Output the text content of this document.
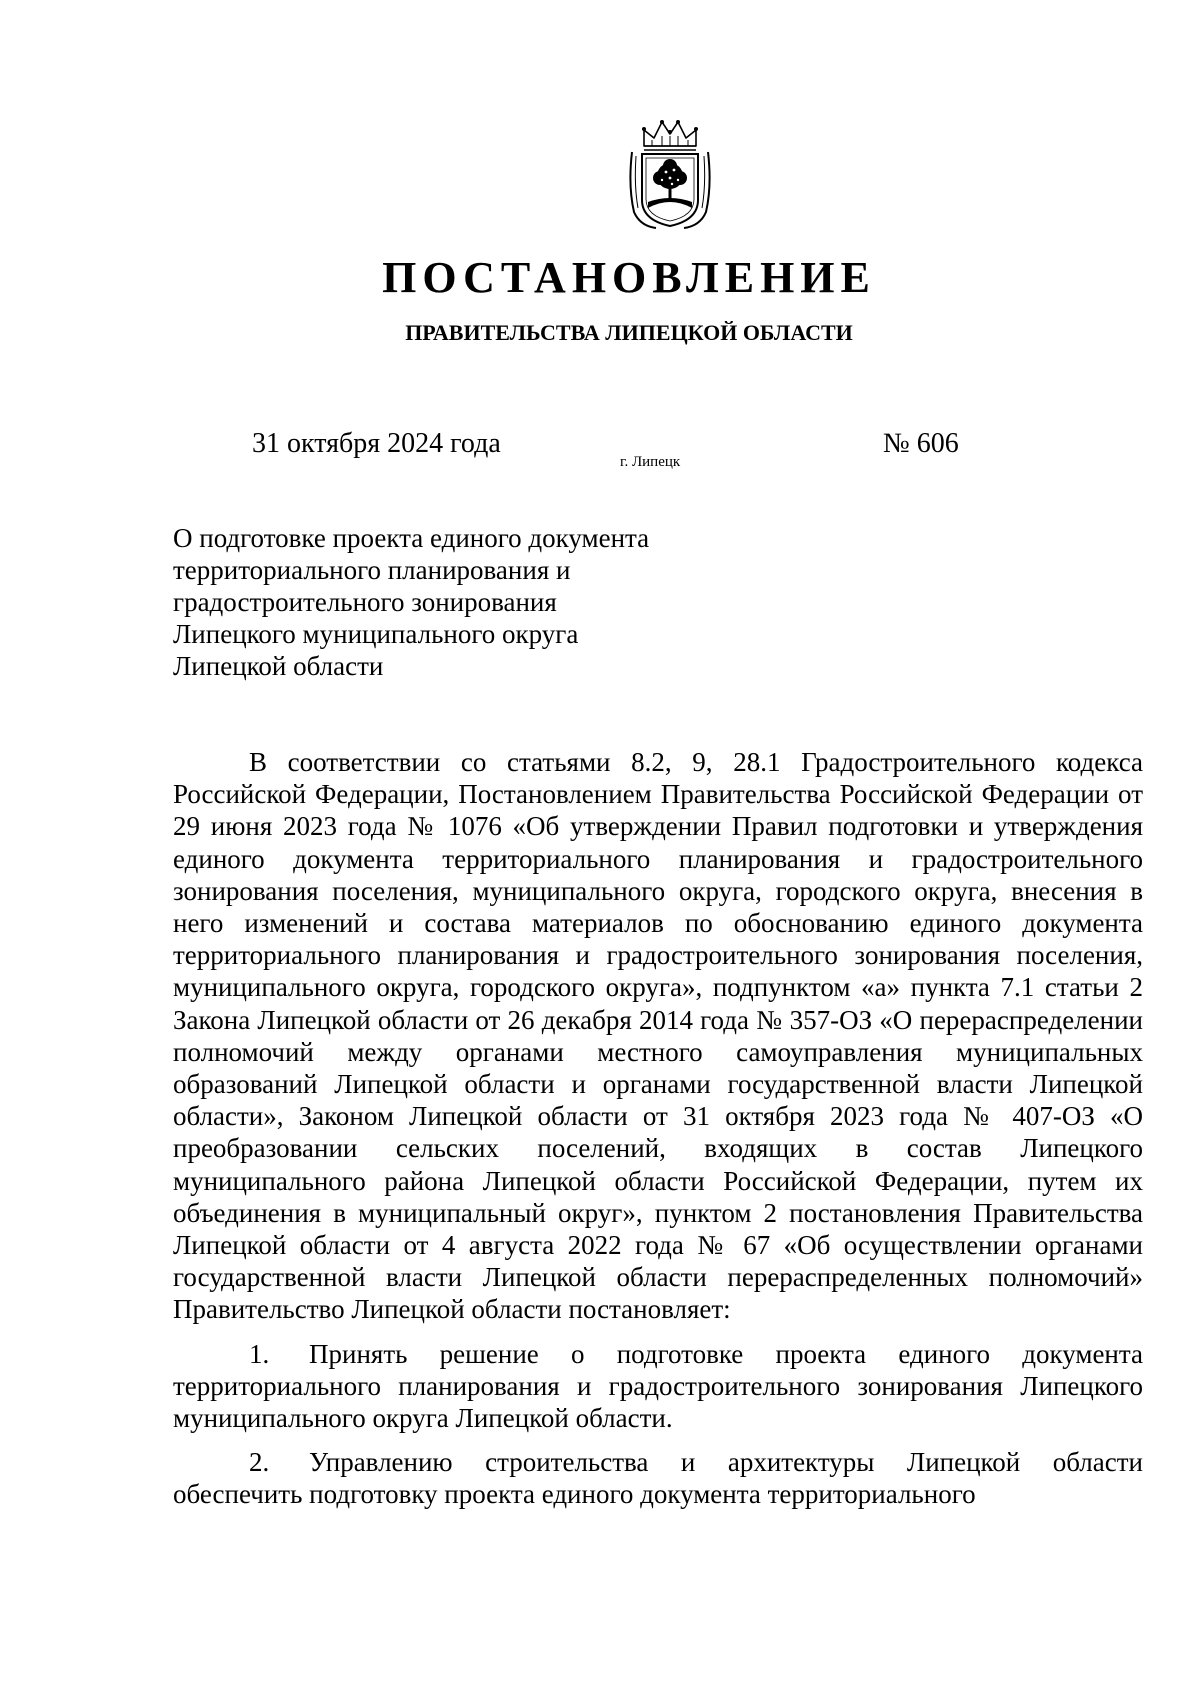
ПОСТАНОВЛЕНИЕ
ПРАВИТЕЛЬСТВА ЛИПЕЦКОЙ ОБЛАСТИ
31 октября 2024 года
г. Липецк
№ 606
О подготовке проекта единого документа
территориального планирования и
градостроительного зонирования
Липецкого муниципального округа
Липецкой области

В соответствии со статьями 8.2, 9, 28.1 Градостроительного кодекса Российской Федерации, Постановлением Правительства Российской Федерации от 29 июня 2023 года № 1076 «Об утверждении Правил подготовки и утверждения единого документа территориального планирования и градостроительного зонирования поселения, муниципального округа, городского округа, внесения в него изменений и состава материалов по обоснованию единого документа территориального планирования и градостроительного зонирования поселения, муниципального округа, городского округа», подпунктом «а» пункта 7.1 статьи 2 Закона Липецкой области от 26 декабря 2014 года № 357-ОЗ «О перераспределении полномочий между органами местного самоуправления муниципальных образований Липецкой области и органами государственной власти Липецкой области», Законом Липецкой области от 31 октября 2023 года № 407-ОЗ «О преобразовании сельских поселений, входящих в состав Липецкого муниципального района Липецкой области Российской Федерации, путем их объединения в муниципальный округ», пунктом 2 постановления Правительства Липецкой области от 4 августа 2022 года № 67 «Об осуществлении органами государственной власти Липецкой области перераспределенных полномочий» Правительство Липецкой области постановляет:

1. Принять решение о подготовке проекта единого документа территориального планирования и градостроительного зонирования Липецкого муниципального округа Липецкой области.

2. Управлению строительства и архитектуры Липецкой области обеспечить подготовку проекта единого документа территориального
